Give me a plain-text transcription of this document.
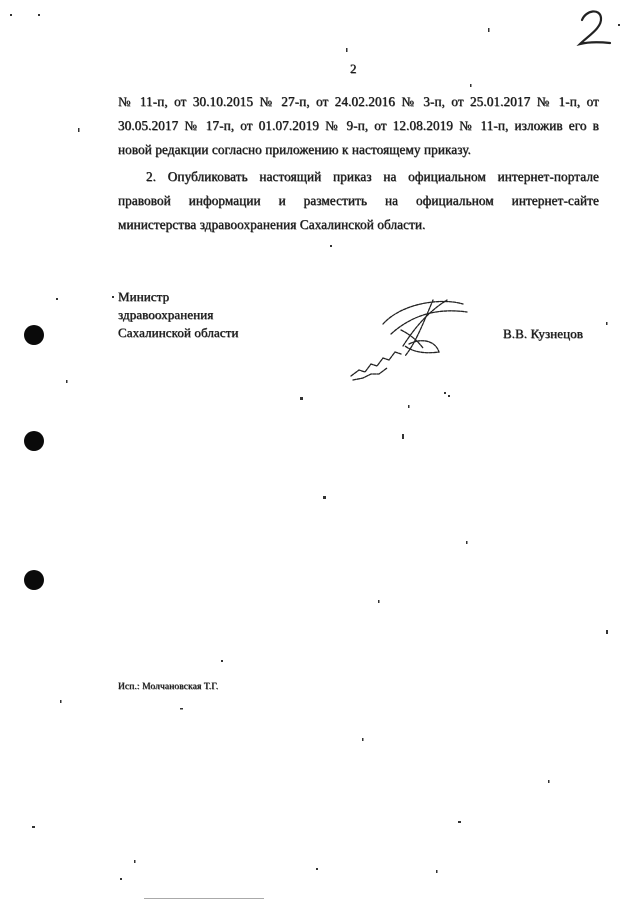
2
№ 11-п, от 30.10.2015 № 27-п, от 24.02.2016 № 3-п, от 25.01.2017 № 1-п, от
30.05.2017 № 17-п, от 01.07.2019 № 9-п, от 12.08.2019 № 11-п, изложив его в
новой редакции согласно приложению к настоящему приказу.
2. Опубликовать настоящий приказ на официальном интернет-портале
правовой информации и разместить на официальном интернет-сайте
министерства здравоохранения Сахалинской области.
Министр
здравоохранения
Сахалинской области	В.В. Кузнецов
Исп.: Молчановская Т.Г.
